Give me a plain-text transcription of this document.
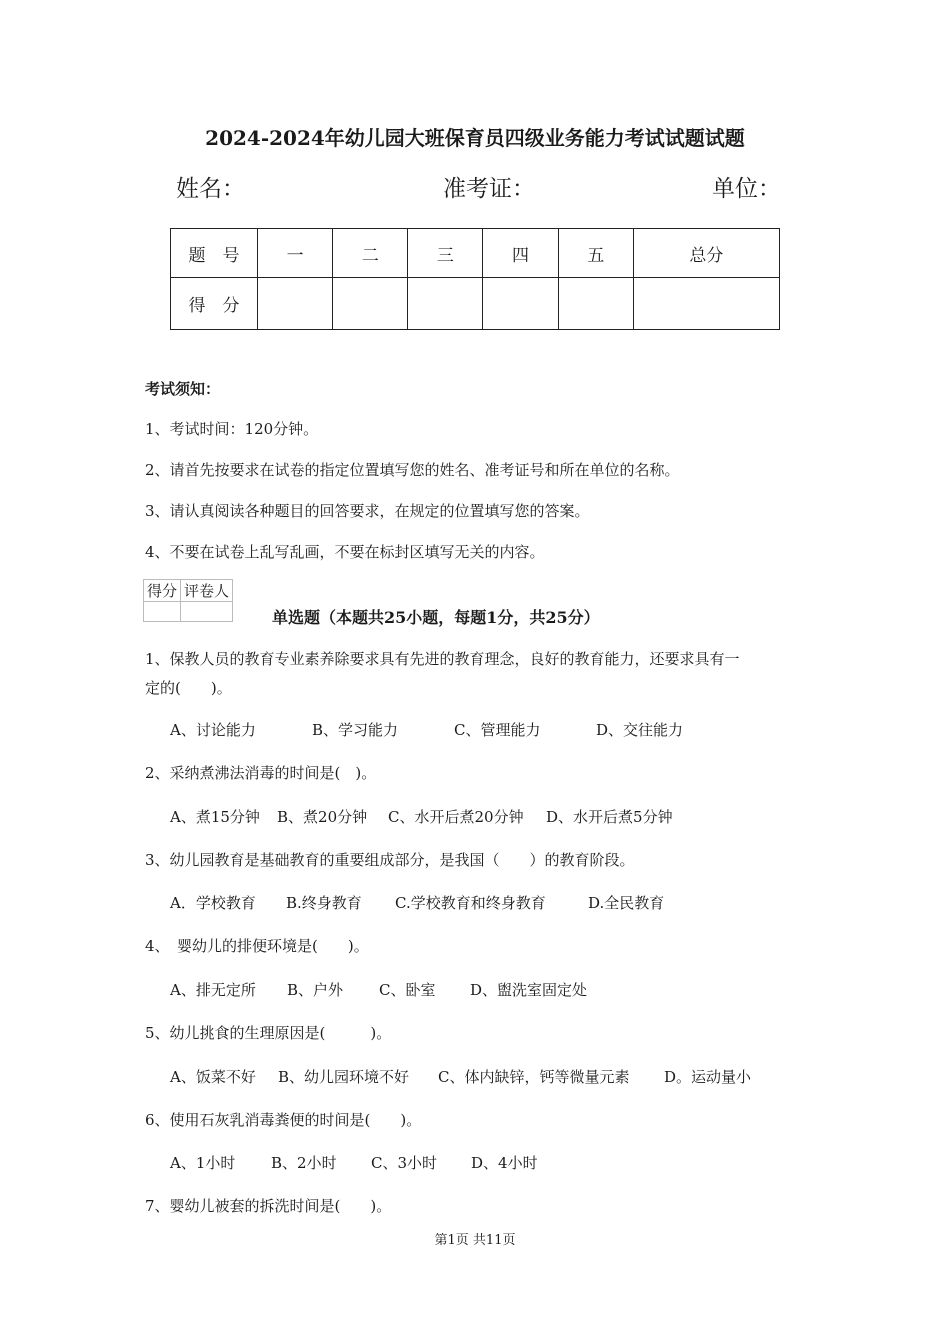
2024-2024年幼儿园大班保育员四级业务能力考试试题试题
姓名：	准考证：	单位：
题　号	一	二	三	四	五	总分
得　分						
考试须知：
1、考试时间：120分钟。
2、请首先按要求在试卷的指定位置填写您的姓名、准考证号和所在单位的名称。
3、请认真阅读各种题目的回答要求，在规定的位置填写您的答案。
4、不要在试卷上乱写乱画，不要在标封区填写无关的内容。
得分	评卷人

单选题（本题共25小题，每题1分，共25分）
1、保教人员的教育专业素养除要求具有先进的教育理念，良好的教育能力，还要求具有一
定的(　　)。
A、讨论能力	B、学习能力	C、管理能力	D、交往能力
2、采纳煮沸法消毒的时间是(　)。
A、煮15分钟 B、煮20分钟 C、水开后煮20分钟 D、水开后煮5分钟
3、幼儿园教育是基础教育的重要组成部分，是我国（　　）的教育阶段。
A．学校教育 B.终身教育 C.学校教育和终身教育	D.全民教育
4、　婴幼儿的排便环境是(　　)。
A、排无定所 B、户外 C、卧室 D、盥洗室固定处
5、幼儿挑食的生理原因是(　　　)。
A、饭菜不好 B、幼儿园环境不好 C、体内缺锌，钙等微量元素 D。运动量小
6、使用石灰乳消毒粪便的时间是(　　)。
A、1小时 B、2小时 C、3小时 D、4小时
7、婴幼儿被套的拆洗时间是(　　)。
第1页 共11页
